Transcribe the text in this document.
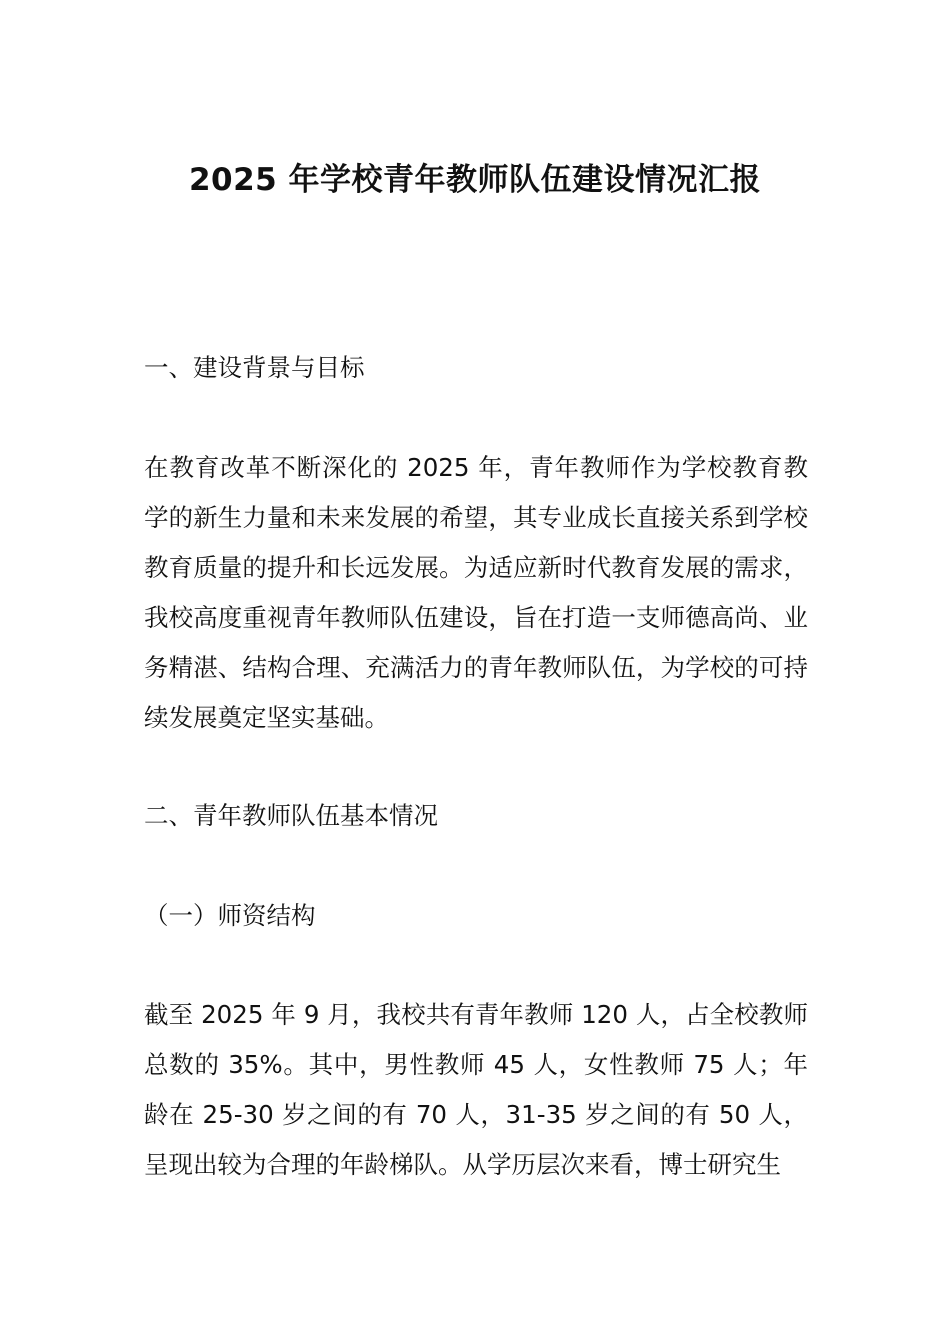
2025 年学校青年教师队伍建设情况汇报
一、建设背景与目标
在教育改革不断深化的 2025 年，青年教师作为学校教育教学的新生力量和未来发展的希望，其专业成长直接关系到学校教育质量的提升和长远发展。为适应新时代教育发展的需求，我校高度重视青年教师队伍建设，旨在打造一支师德高尚、业务精湛、结构合理、充满活力的青年教师队伍，为学校的可持续发展奠定坚实基础。
二、青年教师队伍基本情况
（一）师资结构
截至 2025 年 9 月，我校共有青年教师 120 人，占全校教师总数的 35%。其中，男性教师 45 人，女性教师 75 人；年龄在 25-30 岁之间的有 70 人，31-35 岁之间的有 50 人，呈现出较为合理的年龄梯队。从学历层次来看，博士研究生
